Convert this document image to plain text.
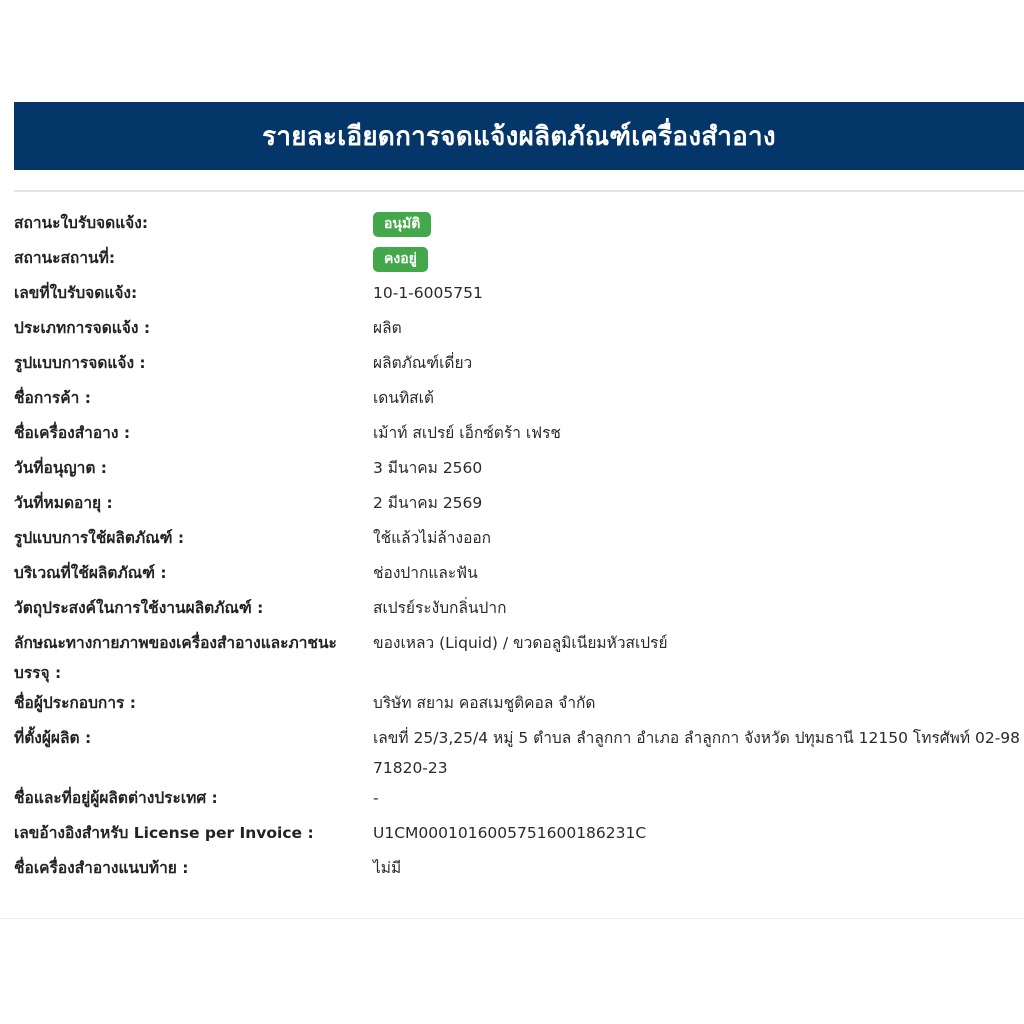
รายละเอียดการจดแจ้งผลิตภัณฑ์เครื่องสำอาง
สถานะใบรับจดแจ้ง:	อนุมัติ
สถานะสถานที่:	คงอยู่
เลขที่ใบรับจดแจ้ง:	10-1-6005751
ประเภทการจดแจ้ง :	ผลิต
รูปแบบการจดแจ้ง :	ผลิตภัณฑ์เดี่ยว
ชื่อการค้า :	เดนทิสเต้
ชื่อเครื่องสำอาง :	เม้าท์ สเปรย์ เอ็กซ์ตร้า เฟรช
วันที่อนุญาต :	3 มีนาคม 2560
วันที่หมดอายุ :	2 มีนาคม 2569
รูปแบบการใช้ผลิตภัณฑ์ :	ใช้แล้วไม่ล้างออก
บริเวณที่ใช้ผลิตภัณฑ์ :	ช่องปากและฟัน
วัตถุประสงค์ในการใช้งานผลิตภัณฑ์ :	สเปรย์ระงับกลิ่นปาก
ลักษณะทางกายภาพของเครื่องสำอางและภาชนะบรรจุ :
ของเหลว (Liquid) / ขวดอลูมิเนียมหัวสเปรย์
ชื่อผู้ประกอบการ :	บริษัท สยาม คอสเมชูติคอล จำกัด
ที่ตั้งผู้ผลิต :	เลขที่ 25/3,25/4 หมู่ 5 ตำบล ลำลูกกา อำเภอ ลำลูกกา จังหวัด ปทุมธานี 12150 โทรศัพท์ 02-9871820-23
ชื่อและที่อยู่ผู้ผลิตต่างประเทศ :	-
เลขอ้างอิงสำหรับ License per Invoice :	U1CM0001016005751600186231C
ชื่อเครื่องสำอางแนบท้าย :	ไม่มี
